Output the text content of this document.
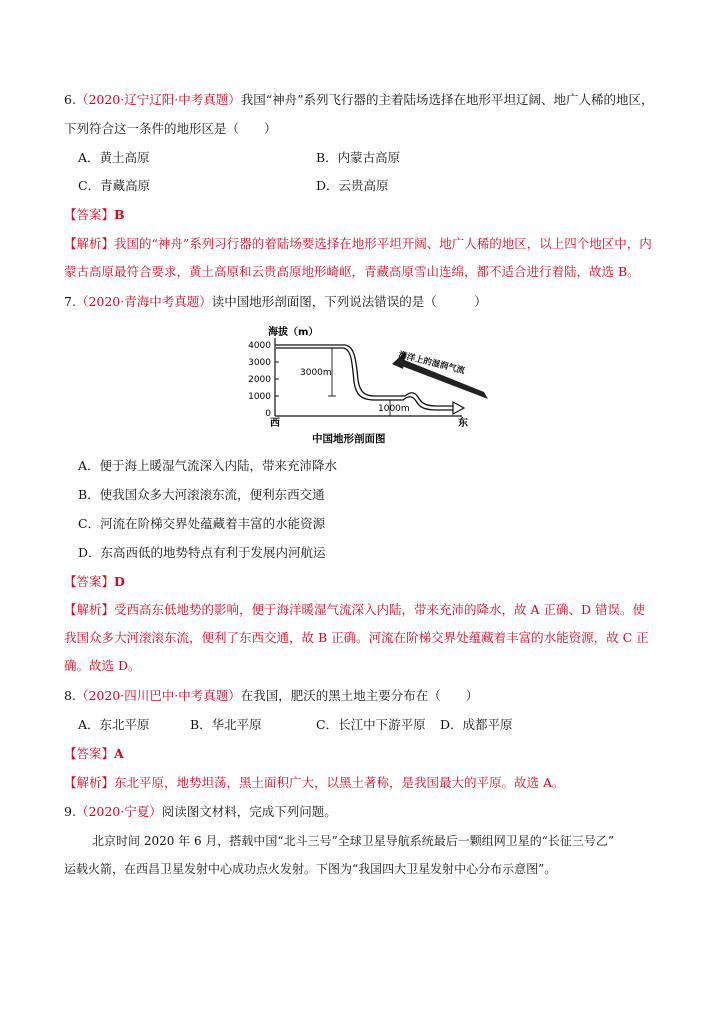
6.（2020·辽宁辽阳·中考真题）我国“神舟”系列飞行器的主着陆场选择在地形平坦辽阔、地广人稀的地区，
下列符合这一条件的地形区是（　　）
A．黄土高原	B．内蒙古高原
C．青藏高原	D．云贵高原
【答案】B
【解析】我国的“神舟”系列习行器的着陆场要选择在地形平坦开阔、地广人稀的地区，以上四个地区中，内
蒙古高原最符合要求，黄土高原和云贵高原地形崎岖，青藏高原雪山连绵，都不适合进行着陆，故选 B。
7.（2020·青海中考真题）读中国地形剖面图，下列说法错误的是（　　　）
海拔（m）
4000
3000
2000
1000
0
3000m
1000m
海洋上的湿润气流
西	东
中国地形剖面图
A．便于海上暖湿气流深入内陆，带来充沛降水
B．使我国众多大河滚滚东流，便利东西交通
C．河流在阶梯交界处蕴藏着丰富的水能资源
D．东高西低的地势特点有利于发展内河航运
【答案】D
【解析】受西高东低地势的影响，便于海洋暖湿气流深入内陆，带来充沛的降水，故 A 正确、D 错误。使
我国众多大河滚滚东流，便利了东西交通，故 B 正确。河流在阶梯交界处蕴藏着丰富的水能资源，故 C 正
确。故选 D。
8.（2020·四川巴中·中考真题）在我国，肥沃的黑土地主要分布在（　　）
A．东北平原	B．华北平原	C．长江中下游平原 D．成都平原
【答案】A
【解析】东北平原，地势坦荡，黑土面积广大，以黑土著称，是我国最大的平原。故选 A。
9.（2020·宁夏）阅读图文材料，完成下列问题。
北京时间 2020 年 6 月，搭载中国“北斗三号”全球卫星导航系统最后一颗组网卫星的“长征三号乙”
运载火箭，在西昌卫星发射中心成功点火发射。下图为“我国四大卫星发射中心分布示意图”。
